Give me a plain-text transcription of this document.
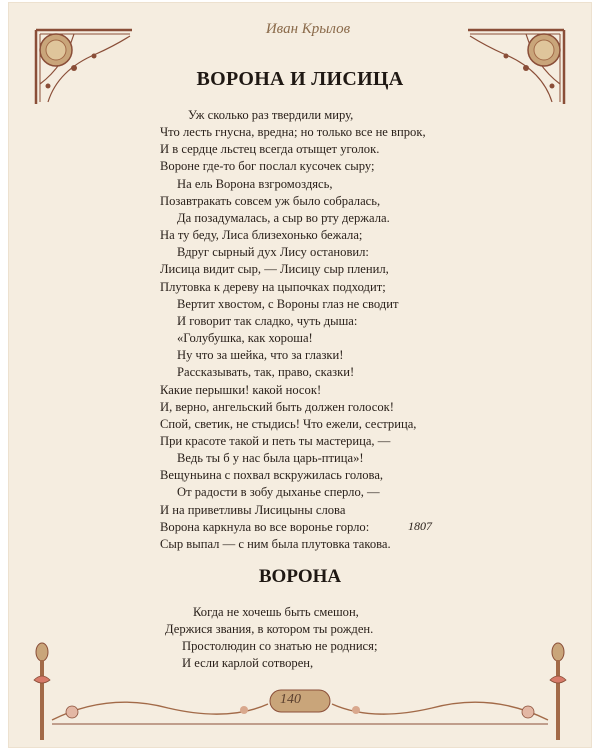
Иван Крылов
ВОРОНА И ЛИСИЦА
Уж сколько раз твердили миру,
Что лесть гнусна, вредна; но только все не впрок,
И в сердце льстец всегда отыщет уголок.
Вороне где-то бог послал кусочек сыру;
На ель Ворона взгромоздясь,
Позавтракать совсем уж было собралась,
Да позадумалась, а сыр во рту держала.
На ту беду, Лиса близехонько бежала;
Вдруг сырный дух Лису остановил:
Лисица видит сыр, — Лисицу сыр пленил,
Плутовка к дереву на цыпочках подходит;
Вертит хвостом, с Вороны глаз не сводит
И говорит так сладко, чуть дыша:
«Голубушка, как хороша!
Ну что за шейка, что за глазки!
Рассказывать, так, право, сказки!
Какие перышки! какой носок!
И, верно, ангельский быть должен голосок!
Спой, светик, не стыдись! Что ежели, сестрица,
При красоте такой и петь ты мастерица, —
Ведь ты б у нас была царь-птица»!
Вещуньина с похвал вскружилась голова,
От радости в зобу дыханье сперло, —
И на приветливы Лисицыны слова
Ворона каркнула во все воронье горло:
Сыр выпал — с ним была плутовка такова.
1807
ВОРОНА
Когда не хочешь быть смешон,
Держися звания, в котором ты рожден.
Простолюдин со знатью не роднися;
И если карлой сотворен,
140
